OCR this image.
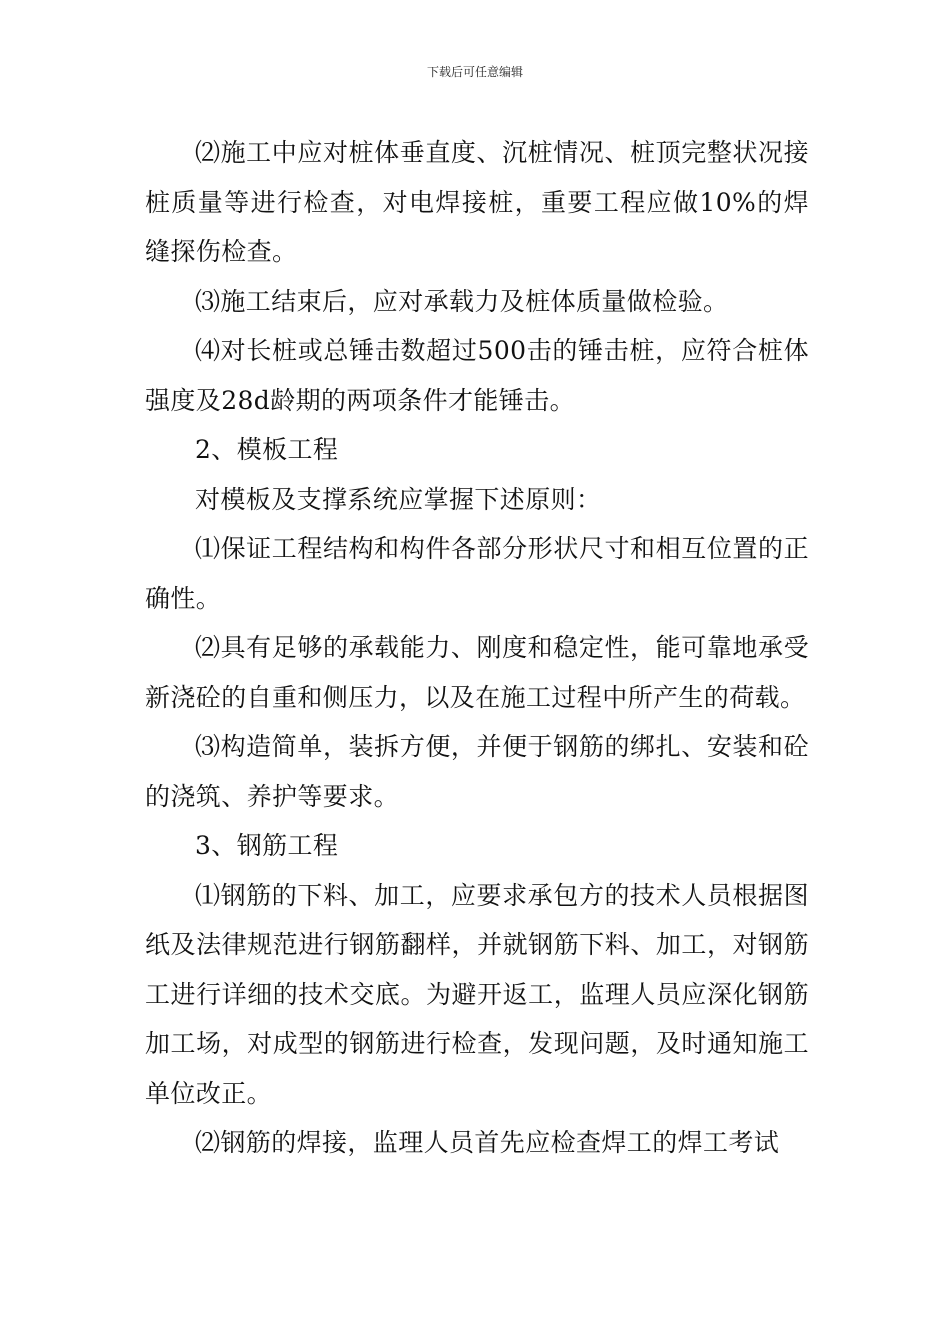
下载后可任意编辑

⑵施工中应对桩体垂直度、沉桩情况、桩顶完整状况接桩质量等进行检查，对电焊接桩，重要工程应做10%的焊缝探伤检查。

⑶施工结束后，应对承载力及桩体质量做检验。

⑷对长桩或总锤击数超过500击的锤击桩，应符合桩体强度及28d龄期的两项条件才能锤击。

2、模板工程

对模板及支撑系统应掌握下述原则：

⑴保证工程结构和构件各部分形状尺寸和相互位置的正确性。

⑵具有足够的承载能力、刚度和稳定性，能可靠地承受新浇砼的自重和侧压力，以及在施工过程中所产生的荷载。

⑶构造简单，装拆方便，并便于钢筋的绑扎、安装和砼的浇筑、养护等要求。

3、钢筋工程

⑴钢筋的下料、加工，应要求承包方的技术人员根据图纸及法律规范进行钢筋翻样，并就钢筋下料、加工，对钢筋工进行详细的技术交底。为避开返工，监理人员应深化钢筋加工场，对成型的钢筋进行检查，发现问题，及时通知施工单位改正。

⑵钢筋的焊接，监理人员首先应检查焊工的焊工考试
